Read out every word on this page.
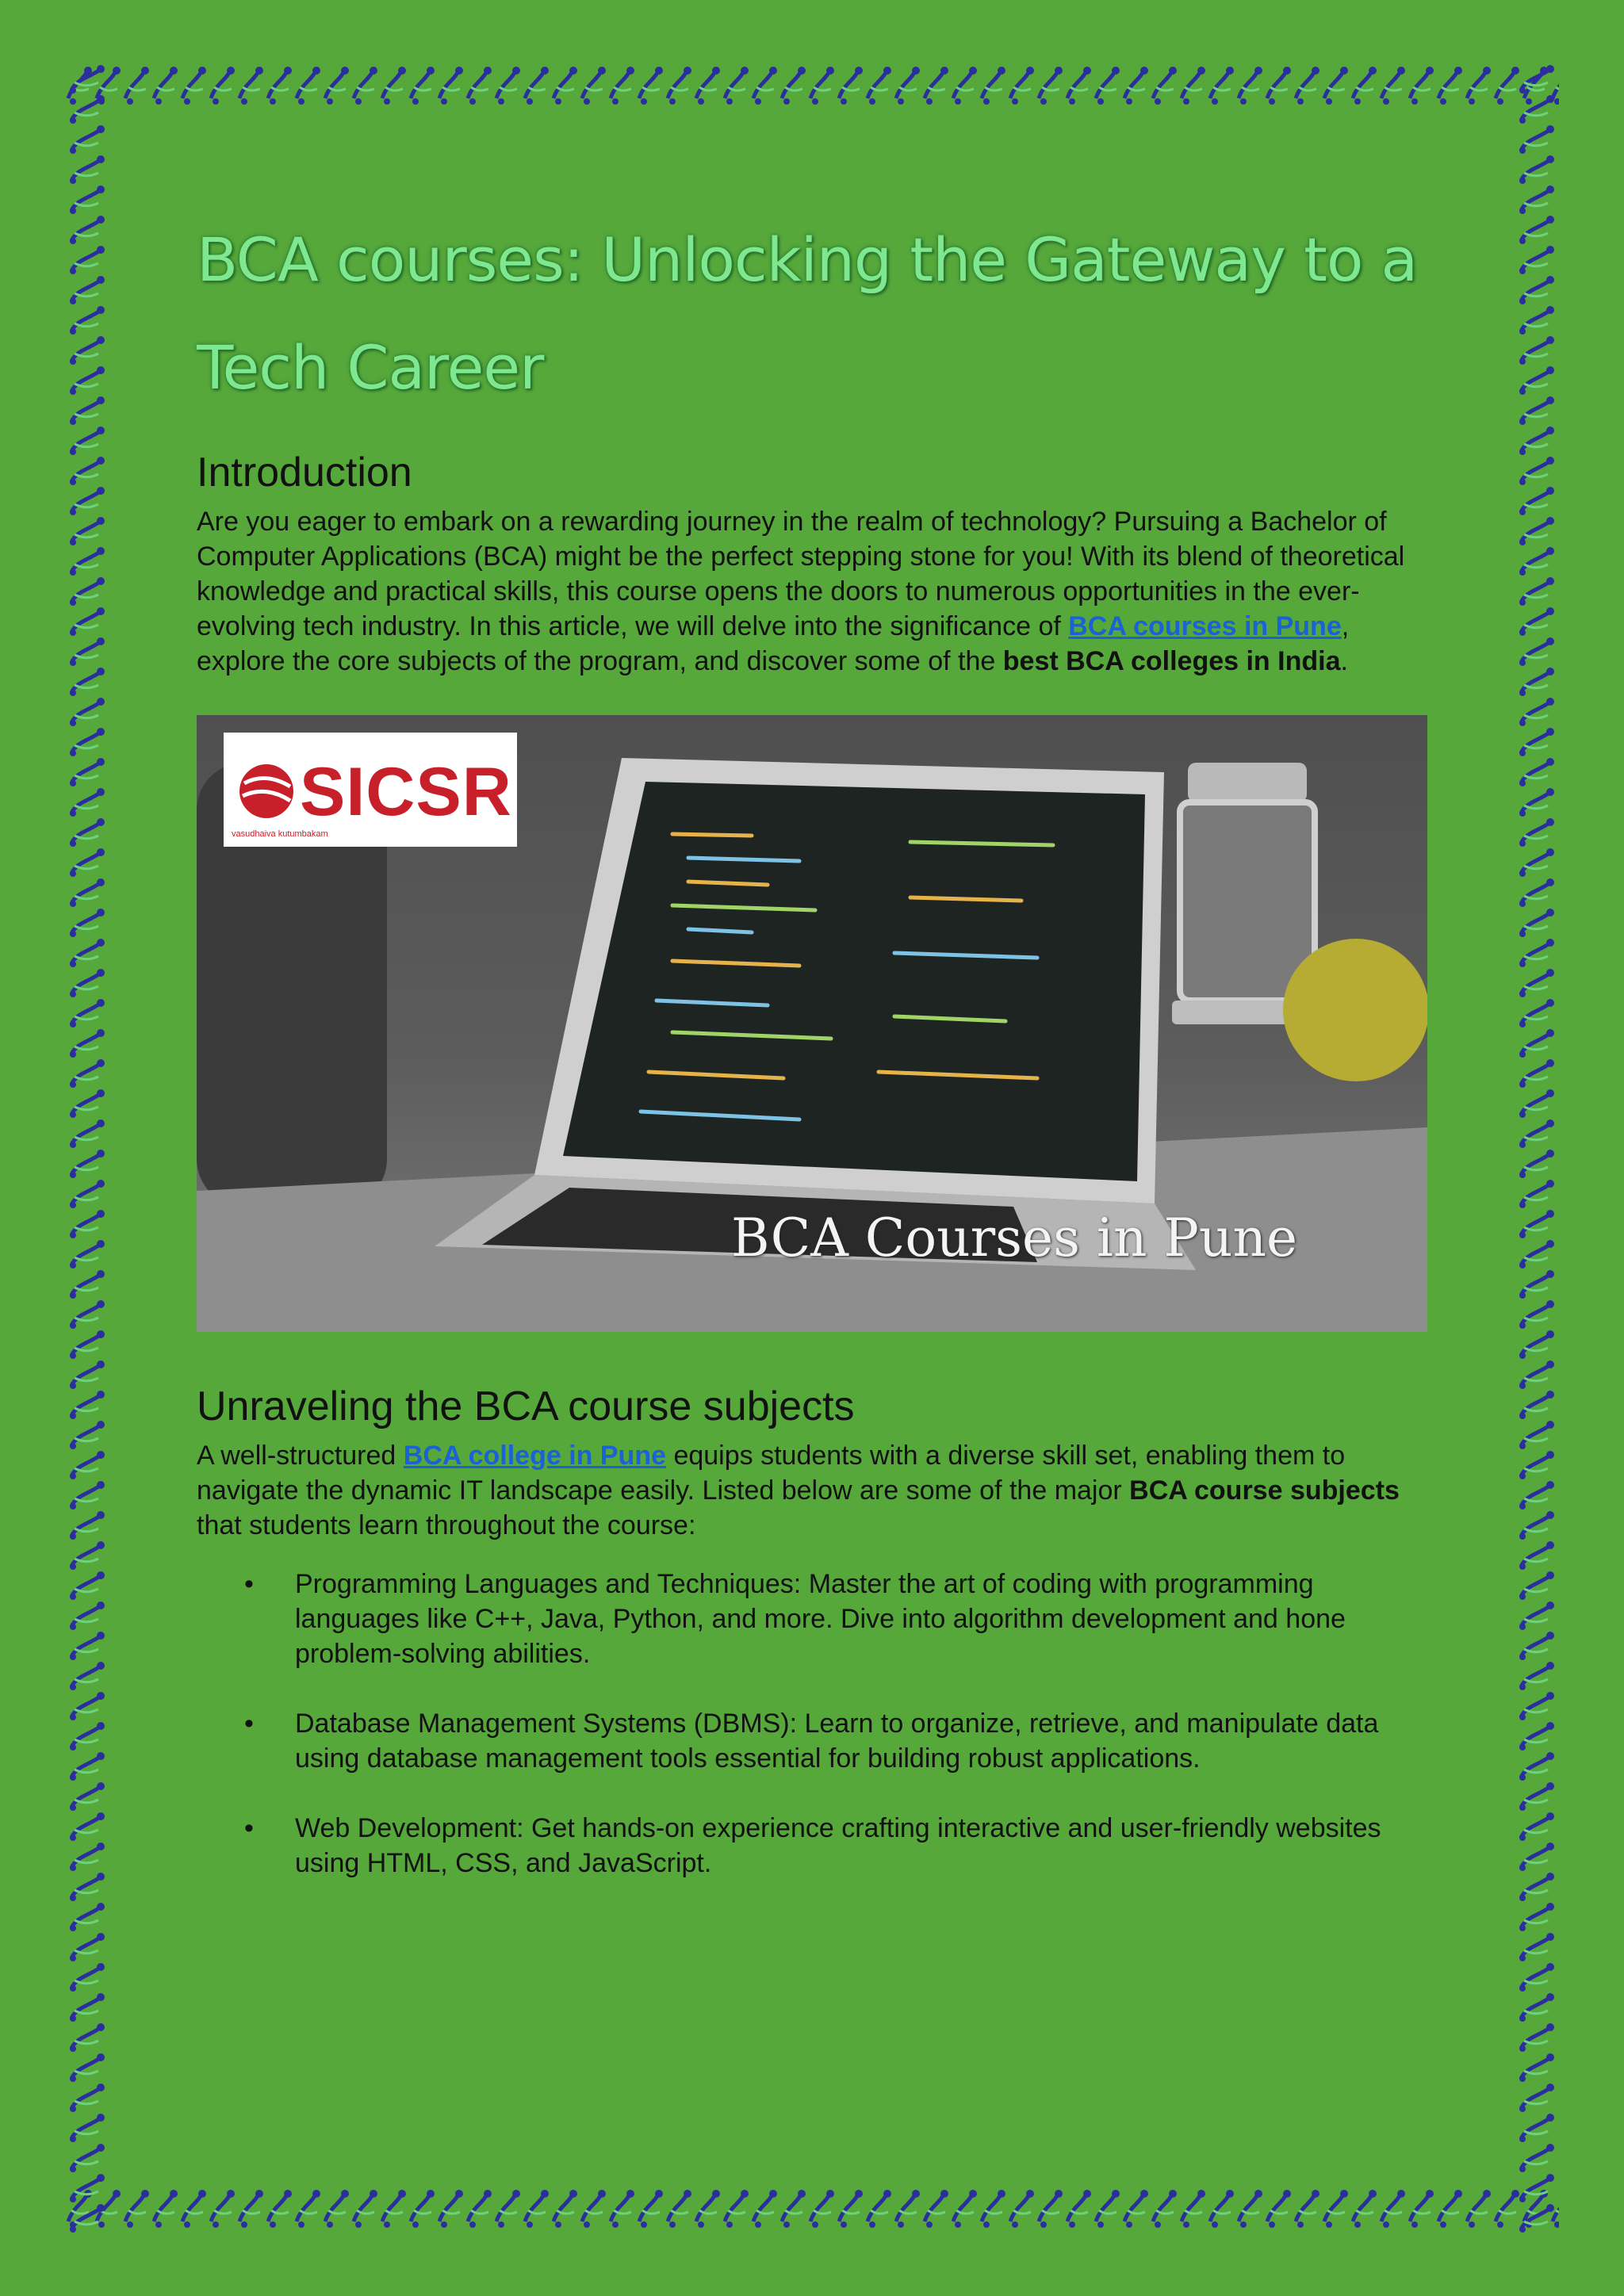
BCA courses: Unlocking the Gateway to a Tech Career
Introduction

Are you eager to embark on a rewarding journey in the realm of technology? Pursuing a Bachelor of Computer Applications (BCA) might be the perfect stepping stone for you! With its blend of theoretical knowledge and practical skills, this course opens the doors to numerous opportunities in the ever-evolving tech industry. In this article, we will delve into the significance of BCA courses in Pune, explore the core subjects of the program, and discover some of the best BCA colleges in India.

SICSR
vasudhaiva kutumbakam
BCA Courses in Pune
Unraveling the BCA course subjects

A well-structured BCA college in Pune equips students with a diverse skill set, enabling them to navigate the dynamic IT landscape easily. Listed below are some of the major BCA course subjects that students learn throughout the course:

• Programming Languages and Techniques: Master the art of coding with programming languages like C++, Java, Python, and more. Dive into algorithm development and hone problem-solving abilities.

• Database Management Systems (DBMS): Learn to organize, retrieve, and manipulate data using database management tools essential for building robust applications.

• Web Development: Get hands-on experience crafting interactive and user-friendly websites using HTML, CSS, and JavaScript.
